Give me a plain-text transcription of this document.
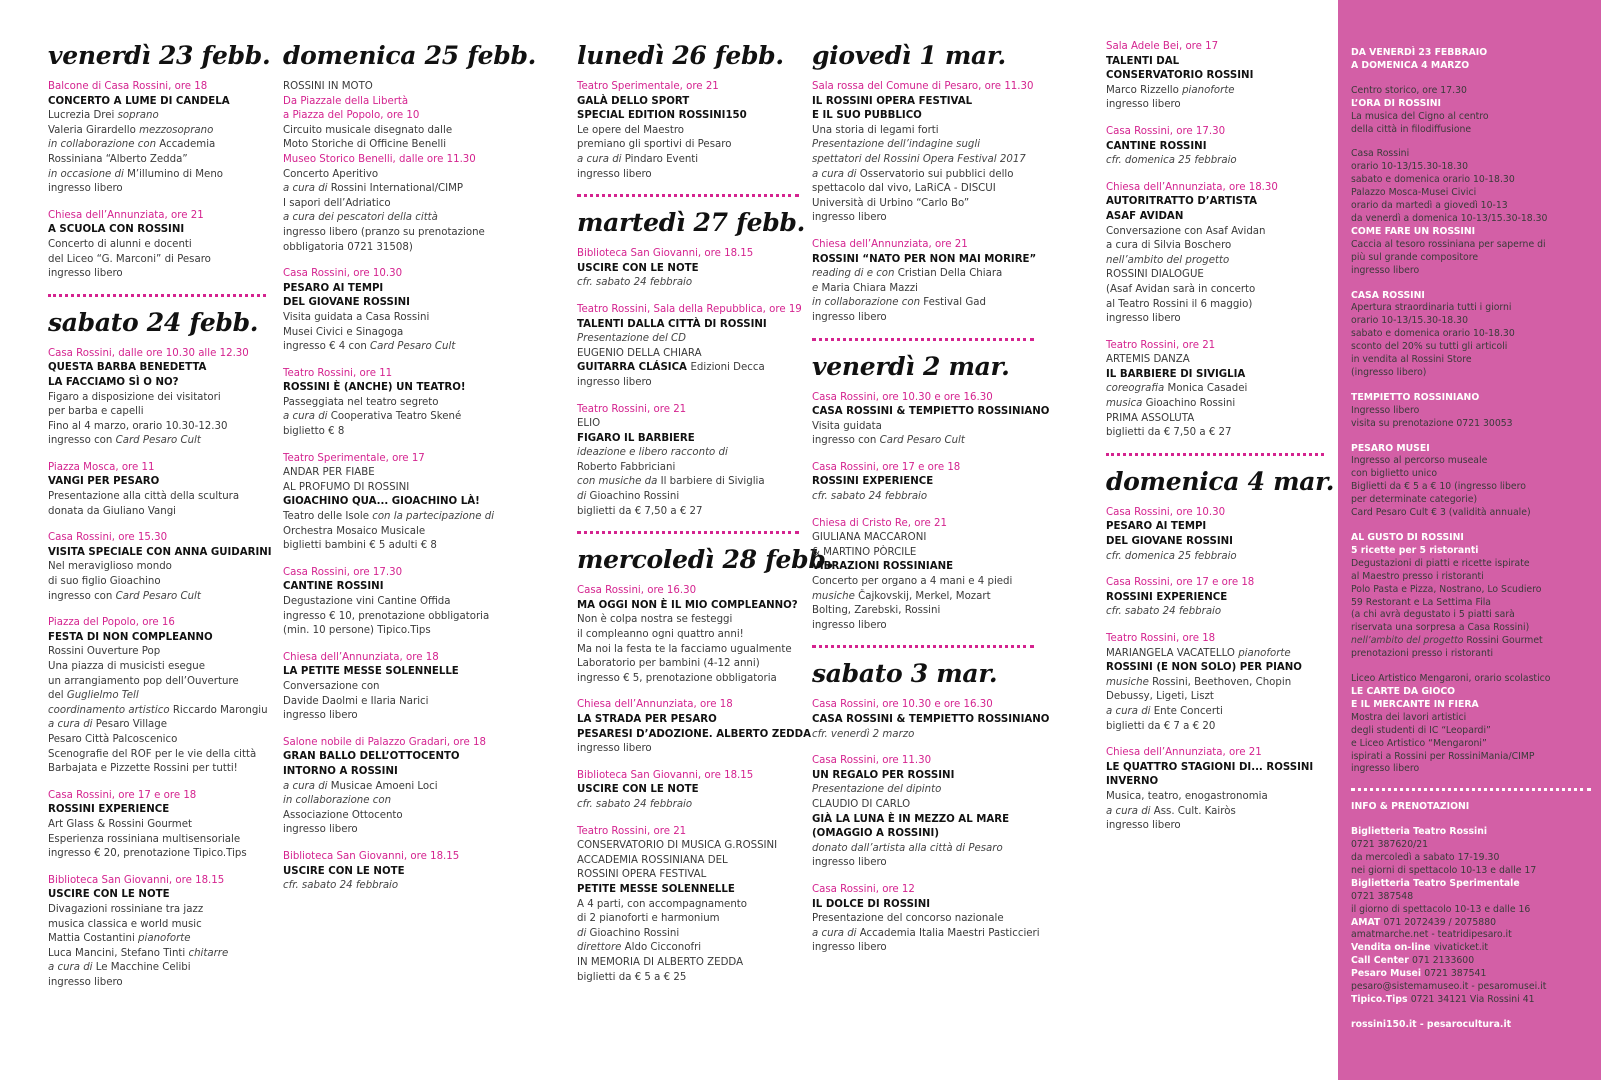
venerdì 23 febb.
Balcone di Casa Rossini, ore 18
CONCERTO A LUME DI CANDELA
Lucrezia Drei soprano
Valeria Girardello mezzosoprano
in collaborazione con Accademia
Rossiniana “Alberto Zedda”
in occasione di M’illumino di Meno
ingresso libero
Chiesa dell’Annunziata, ore 21
A SCUOLA CON ROSSINI
Concerto di alunni e docenti
del Liceo “G. Marconi” di Pesaro
ingresso libero
sabato 24 febb.
Casa Rossini, dalle ore 10.30 alle 12.30
QUESTA BARBA BENEDETTA
LA FACCIAMO SÌ O NO?
Figaro a disposizione dei visitatori
per barba e capelli
Fino al 4 marzo, orario 10.30-12.30
ingresso con Card Pesaro Cult
Piazza Mosca, ore 11
VANGI PER PESARO
Presentazione alla città della scultura
donata da Giuliano Vangi
Casa Rossini, ore 15.30
VISITA SPECIALE CON ANNA GUIDARINI
Nel meraviglioso mondo
di suo figlio Gioachino
ingresso con Card Pesaro Cult
Piazza del Popolo, ore 16
FESTA DI NON COMPLEANNO
Rossini Ouverture Pop
Una piazza di musicisti esegue
un arrangiamento pop dell’Ouverture
del Guglielmo Tell
coordinamento artistico Riccardo Marongiu
a cura di Pesaro Village
Pesaro Città Palcoscenico
Scenografie del ROF per le vie della città
Barbajata e Pizzette Rossini per tutti!
Casa Rossini, ore 17 e ore 18
ROSSINI EXPERIENCE
Art Glass & Rossini Gourmet
Esperienza rossiniana multisensoriale
ingresso € 20, prenotazione Tipico.Tips
Biblioteca San Giovanni, ore 18.15
USCIRE CON LE NOTE
Divagazioni rossiniane tra jazz
musica classica e world music
Mattia Costantini pianoforte
Luca Mancini, Stefano Tinti chitarre
a cura di Le Macchine Celibi
ingresso libero
domenica 25 febb.
ROSSINI IN MOTO
Da Piazzale della Libertà
a Piazza del Popolo, ore 10
Circuito musicale disegnato dalle
Moto Storiche di Officine Benelli
Museo Storico Benelli, dalle ore 11.30
Concerto Aperitivo
a cura di Rossini International/CIMP
I sapori dell’Adriatico
a cura dei pescatori della città
ingresso libero (pranzo su prenotazione
obbligatoria 0721 31508)
Casa Rossini, ore 10.30
PESARO AI TEMPI
DEL GIOVANE ROSSINI
Visita guidata a Casa Rossini
Musei Civici e Sinagoga
ingresso € 4 con Card Pesaro Cult
Teatro Rossini, ore 11
ROSSINI È (ANCHE) UN TEATRO!
Passeggiata nel teatro segreto
a cura di Cooperativa Teatro Skené
biglietto € 8
Teatro Sperimentale, ore 17
ANDAR PER FIABE
AL PROFUMO DI ROSSINI
GIOACHINO QUA... GIOACHINO LÀ!
Teatro delle Isole con la partecipazione di
Orchestra Mosaico Musicale
biglietti bambini € 5 adulti € 8
Casa Rossini, ore 17.30
CANTINE ROSSINI
Degustazione vini Cantine Offida
ingresso € 10, prenotazione obbligatoria
(min. 10 persone) Tipico.Tips
Chiesa dell’Annunziata, ore 18
LA PETITE MESSE SOLENNELLE
Conversazione con
Davide Daolmi e Ilaria Narici
ingresso libero
Salone nobile di Palazzo Gradari, ore 18
GRAN BALLO DELL’OTTOCENTO
INTORNO A ROSSINI
a cura di Musicae Amoeni Loci
in collaborazione con
Associazione Ottocento
ingresso libero
Biblioteca San Giovanni, ore 18.15
USCIRE CON LE NOTE
cfr. sabato 24 febbraio
lunedì 26 febb.
Teatro Sperimentale, ore 21
GALÀ DELLO SPORT
SPECIAL EDITION ROSSINI150
Le opere del Maestro
premiano gli sportivi di Pesaro
a cura di Pindaro Eventi
ingresso libero
martedì 27 febb.
Biblioteca San Giovanni, ore 18.15
USCIRE CON LE NOTE
cfr. sabato 24 febbraio
Teatro Rossini, Sala della Repubblica, ore 19
TALENTI DALLA CITTÀ DI ROSSINI
Presentazione del CD
EUGENIO DELLA CHIARA
GUITARRA CLÁSICA Edizioni Decca
ingresso libero
Teatro Rossini, ore 21
ELIO
FIGARO IL BARBIERE
ideazione e libero racconto di
Roberto Fabbriciani
con musiche da Il barbiere di Siviglia
di Gioachino Rossini
biglietti da € 7,50 a € 27
mercoledì 28 febb.
Casa Rossini, ore 16.30
MA OGGI NON È IL MIO COMPLEANNO?
Non è colpa nostra se festeggi
il compleanno ogni quattro anni!
Ma noi la festa te la facciamo ugualmente
Laboratorio per bambini (4-12 anni)
ingresso € 5, prenotazione obbligatoria
Chiesa dell’Annunziata, ore 18
LA STRADA PER PESARO
PESARESI D’ADOZIONE. ALBERTO ZEDDA
ingresso libero
Biblioteca San Giovanni, ore 18.15
USCIRE CON LE NOTE
cfr. sabato 24 febbraio
Teatro Rossini, ore 21
CONSERVATORIO DI MUSICA G.ROSSINI
ACCADEMIA ROSSINIANA DEL
ROSSINI OPERA FESTIVAL
PETITE MESSE SOLENNELLE
A 4 parti, con accompagnamento
di 2 pianoforti e harmonium
di Gioachino Rossini
direttore Aldo Cicconofri
IN MEMORIA DI ALBERTO ZEDDA
biglietti da € 5 a € 25
giovedì 1 mar.
Sala rossa del Comune di Pesaro, ore 11.30
IL ROSSINI OPERA FESTIVAL
E IL SUO PUBBLICO
Una storia di legami forti
Presentazione dell’indagine sugli
spettatori del Rossini Opera Festival 2017
a cura di Osservatorio sui pubblici dello
spettacolo dal vivo, LaRiCA - DISCUI
Università di Urbino “Carlo Bo”
ingresso libero
Chiesa dell’Annunziata, ore 21
ROSSINI “NATO PER NON MAI MORIRE”
reading di e con Cristian Della Chiara
e Maria Chiara Mazzi
in collaborazione con Festival Gad
ingresso libero
venerdì 2 mar.
Casa Rossini, ore 10.30 e ore 16.30
CASA ROSSINI & TEMPIETTO ROSSINIANO
Visita guidata
ingresso con Card Pesaro Cult
Casa Rossini, ore 17 e ore 18
ROSSINI EXPERIENCE
cfr. sabato 24 febbraio
Chiesa di Cristo Re, ore 21
GIULIANA MACCARONI
& MARTINO PÒRCILE
VIBRAZIONI ROSSINIANE
Concerto per organo a 4 mani e 4 piedi
musiche Čajkovskij, Merkel, Mozart
Bolting, Zarebski, Rossini
ingresso libero
sabato 3 mar.
Casa Rossini, ore 10.30 e ore 16.30
CASA ROSSINI & TEMPIETTO ROSSINIANO
cfr. venerdì 2 marzo
Casa Rossini, ore 11.30
UN REGALO PER ROSSINI
Presentazione del dipinto
CLAUDIO DI CARLO
GIÀ LA LUNA È IN MEZZO AL MARE
(OMAGGIO A ROSSINI)
donato dall’artista alla città di Pesaro
ingresso libero
Casa Rossini, ore 12
IL DOLCE DI ROSSINI
Presentazione del concorso nazionale
a cura di Accademia Italia Maestri Pasticcieri
ingresso libero
Sala Adele Bei, ore 17
TALENTI DAL
CONSERVATORIO ROSSINI
Marco Rizzello pianoforte
ingresso libero
Casa Rossini, ore 17.30
CANTINE ROSSINI
cfr. domenica 25 febbraio
Chiesa dell’Annunziata, ore 18.30
AUTORITRATTO D’ARTISTA
ASAF AVIDAN
Conversazione con Asaf Avidan
a cura di Silvia Boschero
nell’ambito del progetto
ROSSINI DIALOGUE
(Asaf Avidan sarà in concerto
al Teatro Rossini il 6 maggio)
ingresso libero
Teatro Rossini, ore 21
ARTEMIS DANZA
IL BARBIERE DI SIVIGLIA
coreografia Monica Casadei
musica Gioachino Rossini
PRIMA ASSOLUTA
biglietti da € 7,50 a € 27
domenica 4 mar.
Casa Rossini, ore 10.30
PESARO AI TEMPI
DEL GIOVANE ROSSINI
cfr. domenica 25 febbraio
Casa Rossini, ore 17 e ore 18
ROSSINI EXPERIENCE
cfr. sabato 24 febbraio
Teatro Rossini, ore 18
MARIANGELA VACATELLO pianoforte
ROSSINI (E NON SOLO) PER PIANO
musiche Rossini, Beethoven, Chopin
Debussy, Ligeti, Liszt
a cura di Ente Concerti
biglietti da € 7 a € 20
Chiesa dell’Annunziata, ore 21
LE QUATTRO STAGIONI DI... ROSSINI
INVERNO
Musica, teatro, enogastronomia
a cura di Ass. Cult. Kairòs
ingresso libero
DA VENERDÌ 23 FEBBRAIO
A DOMENICA 4 MARZO
Centro storico, ore 17.30
L’ORA DI ROSSINI
La musica del Cigno al centro
della città in filodiffusione
Casa Rossini
orario 10-13/15.30-18.30
sabato e domenica orario 10-18.30
Palazzo Mosca-Musei Civici
orario da martedì a giovedì 10-13
da venerdì a domenica 10-13/15.30-18.30
COME FARE UN ROSSINI
Caccia al tesoro rossiniana per saperne di
più sul grande compositore
ingresso libero
CASA ROSSINI
Apertura straordinaria tutti i giorni
orario 10-13/15.30-18.30
sabato e domenica orario 10-18.30
sconto del 20% su tutti gli articoli
in vendita al Rossini Store
(ingresso libero)
TEMPIETTO ROSSINIANO
Ingresso libero
visita su prenotazione 0721 30053
PESARO MUSEI
Ingresso al percorso museale
con biglietto unico
Biglietti da € 5 a € 10 (ingresso libero
per determinate categorie)
Card Pesaro Cult € 3 (validità annuale)
AL GUSTO DI ROSSINI
5 ricette per 5 ristoranti
Degustazioni di piatti e ricette ispirate
al Maestro presso i ristoranti
Polo Pasta e Pizza, Nostrano, Lo Scudiero
59 Restorant e La Settima Fila
(a chi avrà degustato i 5 piatti sarà
riservata una sorpresa a Casa Rossini)
nell’ambito del progetto Rossini Gourmet
prenotazioni presso i ristoranti
Liceo Artistico Mengaroni, orario scolastico
LE CARTE DA GIOCO
E IL MERCANTE IN FIERA
Mostra dei lavori artistici
degli studenti di IC “Leopardi”
e Liceo Artistico “Mengaroni”
ispirati a Rossini per RossiniMania/CIMP
ingresso libero
INFO & PRENOTAZIONI
Biglietteria Teatro Rossini
0721 387620/21
da mercoledì a sabato 17-19.30
nei giorni di spettacolo 10-13 e dalle 17
Biglietteria Teatro Sperimentale
0721 387548
il giorno di spettacolo 10-13 e dalle 16
AMAT 071 2072439 / 2075880
amatmarche.net - teatridipesaro.it
Vendita on-line vivaticket.it
Call Center 071 2133600
Pesaro Musei 0721 387541
pesaro@sistemamuseo.it - pesaromusei.it
Tipico.Tips 0721 34121 Via Rossini 41
rossini150.it - pesarocultura.it
